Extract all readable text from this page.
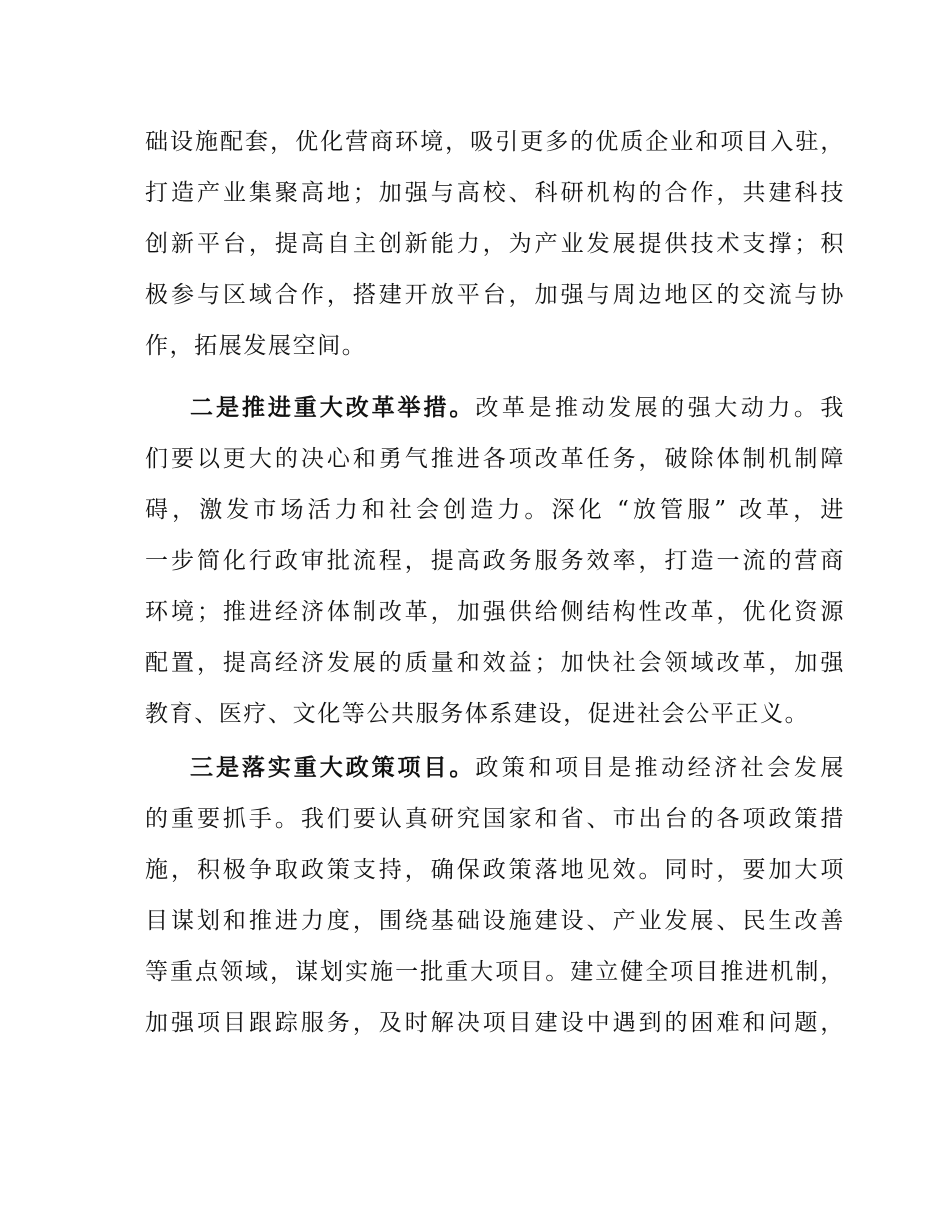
础设施配套，优化营商环境，吸引更多的优质企业和项目入驻，
打造产业集聚高地；加强与高校、科研机构的合作，共建科技
创新平台，提高自主创新能力，为产业发展提供技术支撑；积
极参与区域合作，搭建开放平台，加强与周边地区的交流与协
作，拓展发展空间。
二是推进重大改革举措。改革是推动发展的强大动力。我
们要以更大的决心和勇气推进各项改革任务，破除体制机制障
碍，激发市场活力和社会创造力。深化 “放管服” 改革，进
一步简化行政审批流程，提高政务服务效率，打造一流的营商
环境；推进经济体制改革，加强供给侧结构性改革，优化资源
配置，提高经济发展的质量和效益；加快社会领域改革，加强
教育、医疗、文化等公共服务体系建设，促进社会公平正义。
三是落实重大政策项目。政策和项目是推动经济社会发展
的重要抓手。我们要认真研究国家和省、市出台的各项政策措
施，积极争取政策支持，确保政策落地见效。同时，要加大项
目谋划和推进力度，围绕基础设施建设、产业发展、民生改善
等重点领域，谋划实施一批重大项目。建立健全项目推进机制，
加强项目跟踪服务，及时解决项目建设中遇到的困难和问题，
